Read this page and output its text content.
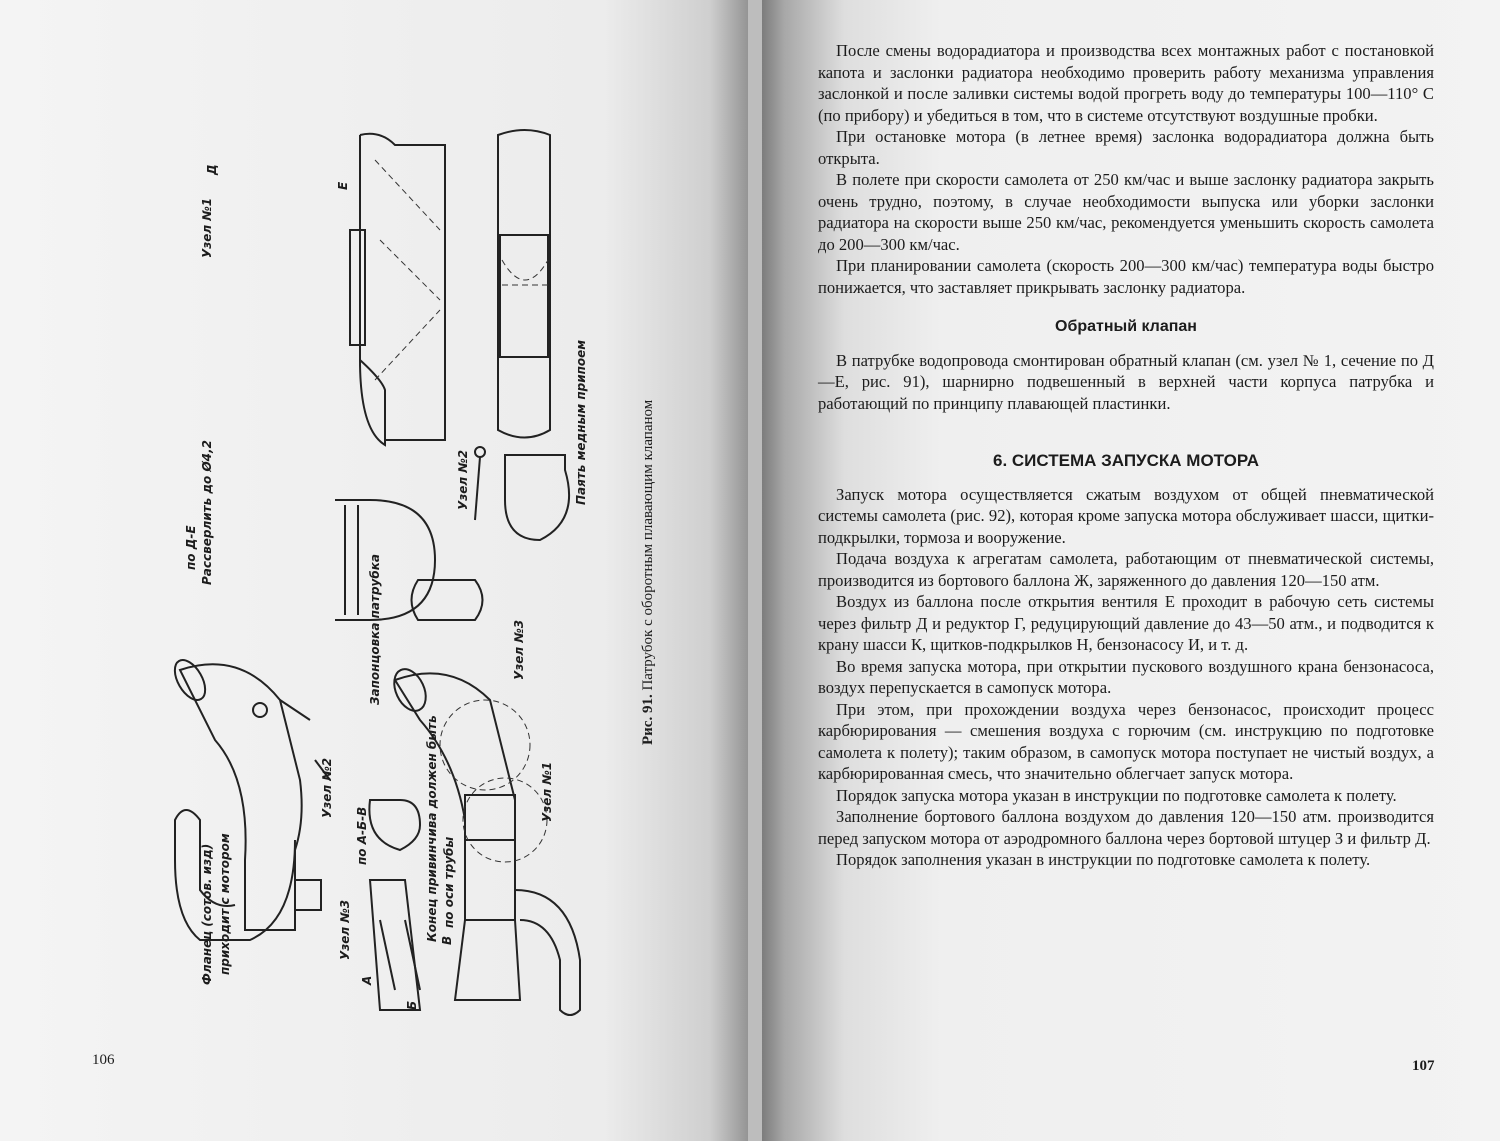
Узел №1
Д
Е
по Д-Е Рассверлить до Ø4,2	Узел №2	Паять медным припоем
Фланец (сотов. изд) приходит с мотором
Узел №2
по А-Б-В	Конец привинчива должен быть по оси трубы
Узел №3
А
Б
В
Запонцовка патрубка	Узел №3
Узел №1
Рис. 91. Патрубок с оборотным плавающим клапаном
106

После смены водорадиатора и производства всех монтажных работ с постановкой капота и заслонки радиатора необходимо проверить работу механизма управления заслонкой и после заливки системы водой прогреть воду до температуры 100—110° С (по прибору) и убедиться в том, что в системе отсутствуют воздушные пробки.

При остановке мотора (в летнее время) заслонка водорадиатора должна быть открыта.

В полете при скорости самолета от 250 км/час и выше заслонку радиатора закрыть очень трудно, поэтому, в случае необходимости выпуска или уборки заслонки радиатора на скорости выше 250 км/час, рекомендуется уменьшить скорость самолета до 200—300 км/час.

При планировании самолета (скорость 200—300 км/час) температура воды быстро понижается, что заставляет прикрывать заслонку радиатора.

Обратный клапан

В патрубке водопровода смонтирован обратный клапан (см. узел № 1, сечение по Д—Е, рис. 91), шарнирно подвешенный в верхней части корпуса патрубка и работающий по принципу плавающей пластинки.

6. СИСТЕМА ЗАПУСКА МОТОРА

Запуск мотора осуществляется сжатым воздухом от общей пневматической системы самолета (рис. 92), которая кроме запуска мотора обслуживает шасси, щитки-подкрылки, тормоза и вооружение.

Подача воздуха к агрегатам самолета, работающим от пневматической системы, производится из бортового баллона Ж, заряженного до давления 120—150 атм.

Воздух из баллона после открытия вентиля Е проходит в рабочую сеть системы через фильтр Д и редуктор Г, редуцирующий давление до 43—50 атм., и подводится к крану шасси К, щитков-подкрылков Н, бензонасосу И, и т. д.

Во время запуска мотора, при открытии пускового воздушного крана бензонасоса, воздух перепускается в самопуск мотора.

При этом, при прохождении воздуха через бензонасос, происходит процесс карбюрирования — смешения воздуха с горючим (см. инструкцию по подготовке самолета к полету); таким образом, в самопуск мотора поступает не чистый воздух, а карбюрированная смесь, что значительно облегчает запуск мотора.

Порядок запуска мотора указан в инструкции по подготовке самолета к полету.

Заполнение бортового баллона воздухом до давления 120—150 атм. производится перед запуском мотора от аэродромного баллона через бортовой штуцер З и фильтр Д.

Порядок заполнения указан в инструкции по подготовке самолета к полету.

107
